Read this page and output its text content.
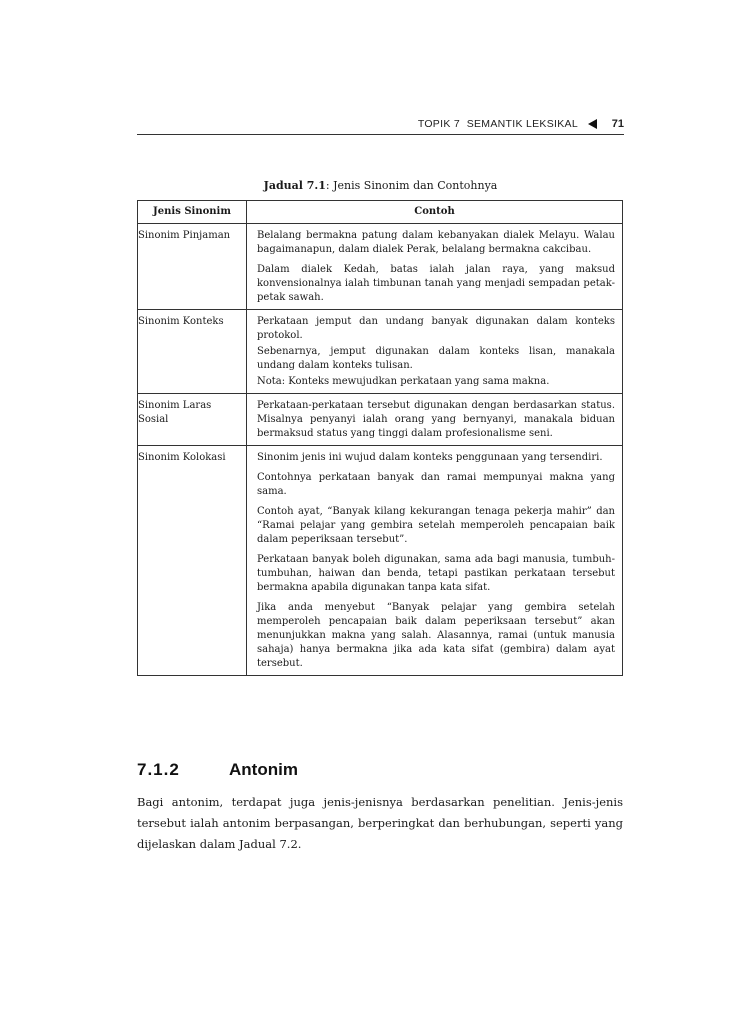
TOPIK 7 SEMANTIK LEKSIKAL	71
Jadual 7.1: Jenis Sinonim dan Contohnya
Jenis Sinonim	Contoh
Sinonim Pinjaman	Belalang bermakna patung dalam kebanyakan dialek Melayu. Walau bagaimanapun, dalam dialek Perak, belalang bermakna cakcibau.

Dalam dialek Kedah, batas ialah jalan raya, yang maksud konvensionalnya ialah timbunan tanah yang menjadi sempadan petak-petak sawah.

Sinonim Konteks	Perkataan jemput dan undang banyak digunakan dalam konteks protokol.

Sebenarnya, jemput digunakan dalam konteks lisan, manakala undang dalam konteks tulisan.

Nota: Konteks mewujudkan perkataan yang sama makna.

Sinonim Laras Sosial	Perkataan-perkataan tersebut digunakan dengan berdasarkan status. Misalnya penyanyi ialah orang yang bernyanyi, manakala biduan bermaksud status yang tinggi dalam profesionalisme seni.

Sinonim Kolokasi	Sinonim jenis ini wujud dalam konteks penggunaan yang tersendiri.

Contohnya perkataan banyak dan ramai mempunyai makna yang sama.

Contoh ayat, “Banyak kilang kekurangan tenaga pekerja mahir” dan “Ramai pelajar yang gembira setelah memperoleh pencapaian baik dalam peperiksaan tersebut”.

Perkataan banyak boleh digunakan, sama ada bagi manusia, tumbuh-tumbuhan, haiwan dan benda, tetapi pastikan perkataan tersebut bermakna apabila digunakan tanpa kata sifat.

Jika anda menyebut “Banyak pelajar yang gembira setelah memperoleh pencapaian baik dalam peperiksaan tersebut” akan menunjukkan makna yang salah. Alasannya, ramai (untuk manusia sahaja) hanya bermakna jika ada kata sifat (gembira) dalam ayat tersebut.

7.1.2	Antonim

Bagi antonim, terdapat juga jenis-jenisnya berdasarkan penelitian. Jenis-jenis tersebut ialah antonim berpasangan, berperingkat dan berhubungan, seperti yang dijelaskan dalam Jadual 7.2.
